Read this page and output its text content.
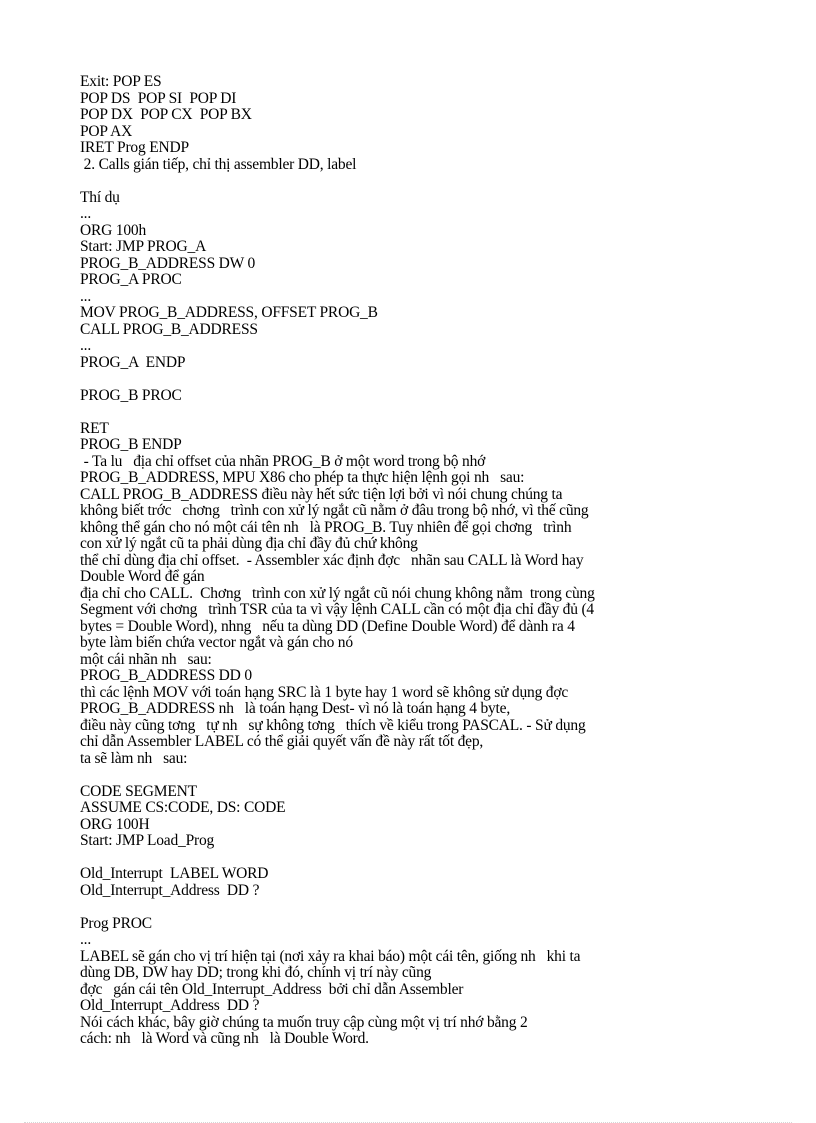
Exit: POP ES
POP DS  POP SI  POP DI
POP DX  POP CX  POP BX
POP AX
IRET Prog ENDP
2. Calls gián tiếp, chỉ thị assembler DD, label
Thí dụ
...
ORG 100h
Start: JMP PROG_A
PROG_B_ADDRESS DW 0
PROG_A PROC
...
MOV PROG_B_ADDRESS, OFFSET PROG_B
CALL PROG_B_ADDRESS
...
PROG_A  ENDP
PROG_B PROC
RET
PROG_B ENDP
- Ta lu   địa chỉ offset của nhãn PROG_B ở một word trong bộ nhớ
PROG_B_ADDRESS, MPU X86 cho phép ta thực hiện lệnh gọi nh   sau:
CALL PROG_B_ADDRESS điều này hết sức tiện lợi bởi vì nói chung chúng ta
không biết trớc   chơng   trình con xử lý ngắt cũ nằm ở đâu trong bộ nhớ, vì thế cũng
không thể gán cho nó một cái tên nh   là PROG_B. Tuy nhiên để gọi chơng   trình
con xử lý ngắt cũ ta phải dùng địa chỉ đầy đủ chứ không
thể chỉ dùng địa chỉ offset.  - Assembler xác định đợc   nhãn sau CALL là Word hay
Double Word để gán
địa chỉ cho CALL.  Chơng   trình con xử lý ngắt cũ nói chung không nằm  trong cùng
Segment với chơng   trình TSR của ta vì vậy lệnh CALL cần có một địa chỉ đầy đủ (4
bytes = Double Word), nhng   nếu ta dùng DD (Define Double Word) để dành ra 4
byte làm biến chứa vector ngắt và gán cho nó
một cái nhãn nh   sau:
PROG_B_ADDRESS DD 0
thì các lệnh MOV với toán hạng SRC là 1 byte hay 1 word sẽ không sử dụng đợc
PROG_B_ADDRESS nh   là toán hạng Dest- vì nó là toán hạng 4 byte,
điều này cũng tơng   tự nh   sự không tơng   thích về kiểu trong PASCAL. - Sử dụng
chỉ dẫn Assembler LABEL có thể giải quyết vấn đề này rất tốt đẹp,
ta sẽ làm nh   sau:
CODE SEGMENT
ASSUME CS:CODE, DS: CODE
ORG 100H
Start: JMP Load_Prog
Old_Interrupt  LABEL WORD
Old_Interrupt_Address  DD ?
Prog PROC
...
LABEL sẽ gán cho vị trí hiện tại (nơi xảy ra khai báo) một cái tên, giống nh   khi ta
dùng DB, DW hay DD; trong khi đó, chính vị trí này cũng
đợc   gán cái tên Old_Interrupt_Address  bởi chỉ dẫn Assembler
Old_Interrupt_Address  DD ?
Nói cách khác, bây giờ chúng ta muốn truy cập cùng một vị trí nhớ bằng 2
cách: nh   là Word và cũng nh   là Double Word.
